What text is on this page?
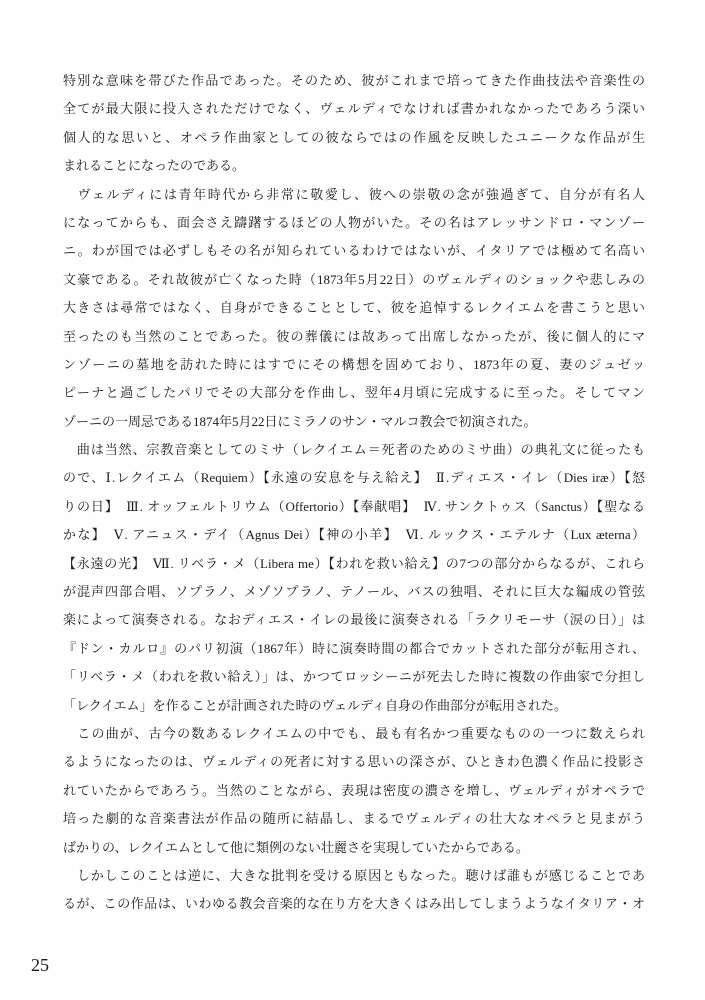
特別な意味を帯びた作品であった。そのため、彼がこれまで培ってきた作曲技法や音楽性の
全てが最大限に投入されただけでなく、ヴェルディでなければ書かれなかったであろう深い
個人的な思いと、オペラ作曲家としての彼ならではの作風を反映したユニークな作品が生
まれることになったのである。
　ヴェルディには青年時代から非常に敬愛し、彼への崇敬の念が強過ぎて、自分が有名人
になってからも、面会さえ躊躇するほどの人物がいた。その名はアレッサンドロ・マンゾー
ニ。わが国では必ずしもその名が知られているわけではないが、イタリアでは極めて名高い
文豪である。それ故彼が亡くなった時（1873年5月22日）のヴェルディのショックや悲しみの
大きさは尋常ではなく、自身ができることとして、彼を追悼するレクイエムを書こうと思い
至ったのも当然のことであった。彼の葬儀には故あって出席しなかったが、後に個人的にマ
ンゾーニの墓地を訪れた時にはすでにその構想を固めており、1873年の夏、妻のジュゼッ
ピーナと過ごしたパリでその大部分を作曲し、翌年4月頃に完成するに至った。そしてマン
ゾーニの一周忌である1874年5月22日にミラノのサン・マルコ教会で初演された。
　曲は当然、宗教音楽としてのミサ（レクイエム＝死者のためのミサ曲）の典礼文に従ったも
ので、Ⅰ.レクイエム（Requiem）【永遠の安息を与え給え】　Ⅱ.ディエス・イレ（Dies iræ）【怒
りの日】　Ⅲ. オッフェルトリウム（Offertorio）【奉献唱】　Ⅳ. サンクトゥス（Sanctus）【聖なる
かな】　Ⅴ. アニュス・デイ（Agnus Dei）【神の小羊】　Ⅵ. ルックス・エテルナ（Lux æterna）
【永遠の光】　Ⅶ. リベラ・メ（Libera me）【われを救い給え】の7つの部分からなるが、これら
が混声四部合唱、ソプラノ、メゾソプラノ、テノール、バスの独唱、それに巨大な編成の管弦
楽によって演奏される。なおディエス・イレの最後に演奏される「ラクリモーサ（涙の日）」は
『ドン・カルロ』のパリ初演（1867年）時に演奏時間の都合でカットされた部分が転用され、
「リベラ・メ（われを救い給え）」は、かつてロッシーニが死去した時に複数の作曲家で分担し
「レクイエム」を作ることが計画された時のヴェルディ自身の作曲部分が転用された。
　この曲が、古今の数あるレクイエムの中でも、最も有名かつ重要なものの一つに数えられ
るようになったのは、ヴェルディの死者に対する思いの深さが、ひときわ色濃く作品に投影さ
れていたからであろう。当然のことながら、表現は密度の濃さを増し、ヴェルディがオペラで
培った劇的な音楽書法が作品の随所に結晶し、まるでヴェルディの壮大なオペラと見まがう
ばかりの、レクイエムとして他に類例のない壮麗さを実現していたからである。
　しかしこのことは逆に、大きな批判を受ける原因ともなった。聴けば誰もが感じることであ
るが、この作品は、いわゆる教会音楽的な在り方を大きくはみ出してしまうようなイタリア・オ
25
